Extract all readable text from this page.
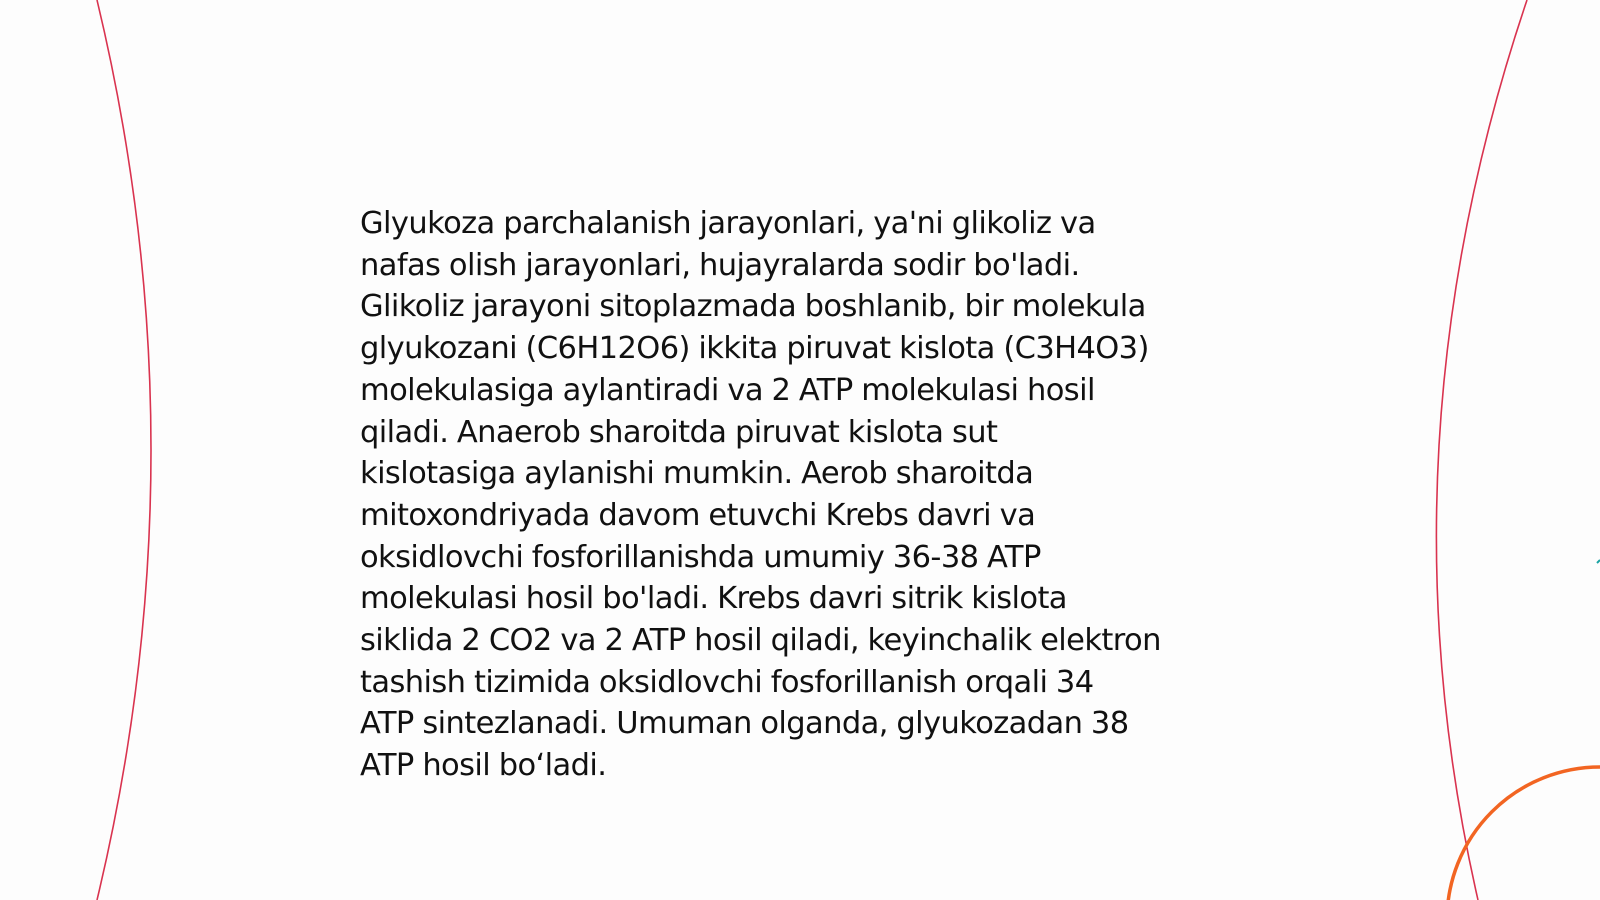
Glyukoza parchalanish jarayonlari, ya'ni glikoliz va
nafas olish jarayonlari, hujayralarda sodir bo'ladi.
Glikoliz jarayoni sitoplazmada boshlanib, bir molekula
glyukozani (C6H12O6) ikkita piruvat kislota (C3H4O3)
molekulasiga aylantiradi va 2 ATP molekulasi hosil
qiladi. Anaerob sharoitda piruvat kislota sut
kislotasiga aylanishi mumkin. Aerob sharoitda
mitoxondriyada davom etuvchi Krebs davri va
oksidlovchi fosforillanishda umumiy 36-38 ATP
molekulasi hosil bo'ladi. Krebs davri sitrik kislota
siklida 2 CO2 va 2 ATP hosil qiladi, keyinchalik elektron
tashish tizimida oksidlovchi fosforillanish orqali 34
ATP sintezlanadi. Umuman olganda, glyukozadan 38
ATP hosil bo‘ladi.
